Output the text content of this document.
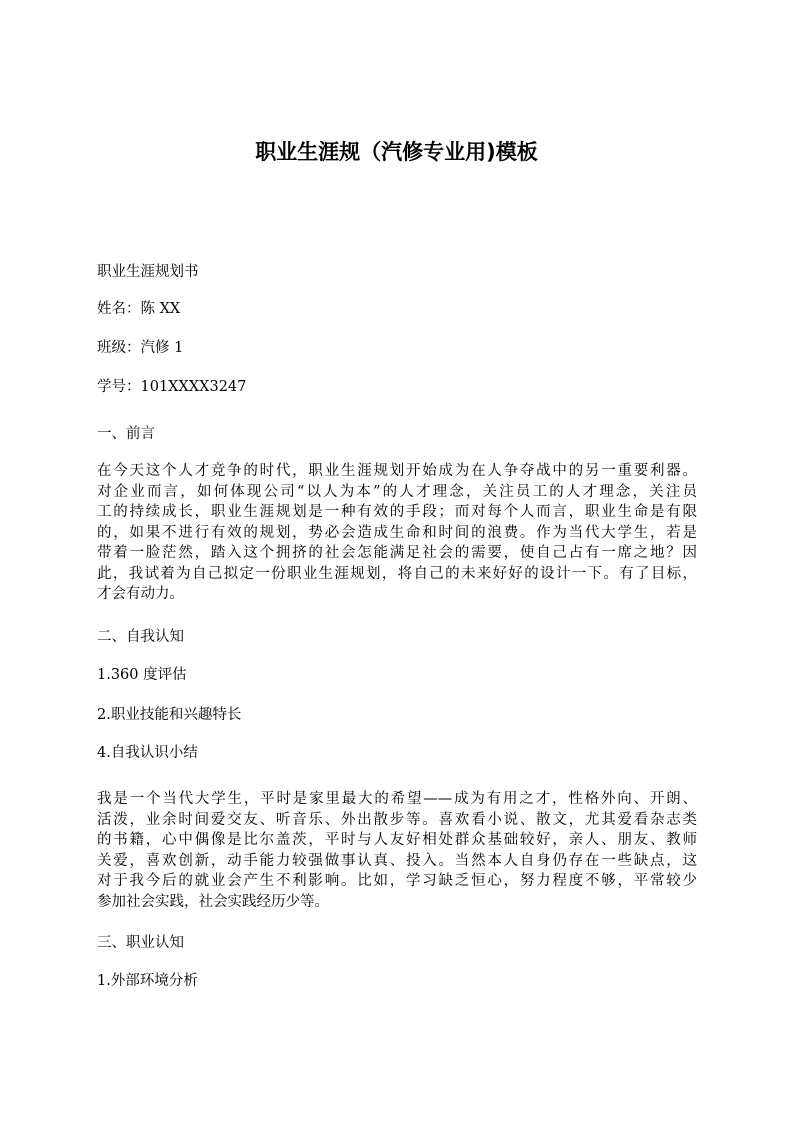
职业生涯规（汽修专业用)模板

职业生涯规划书

姓名：陈 XX

班级：汽修 1

学号：101XXXX3247

一、前言

在今天这个人才竞争的时代，职业生涯规划开始成为在人争夺战中的另一重要利器。
对企业而言，如何体现公司“以人为本”的人才理念，关注员工的人才理念，关注员
工的持续成长，职业生涯规划是一种有效的手段；而对每个人而言，职业生命是有限
的，如果不进行有效的规划，势必会造成生命和时间的浪费。作为当代大学生，若是
带着一脸茫然，踏入这个拥挤的社会怎能满足社会的需要，使自己占有一席之地？因
此，我试着为自己拟定一份职业生涯规划，将自己的未来好好的设计一下。有了目标，
才会有动力。

二、自我认知

1.360 度评估

2.职业技能和兴趣特长

4.自我认识小结

我是一个当代大学生，平时是家里最大的希望——成为有用之才，性格外向、开朗、
活泼，业余时间爱交友、听音乐、外出散步等。喜欢看小说、散文，尤其爱看杂志类
的书籍，心中偶像是比尔盖茨，平时与人友好相处群众基础较好，亲人、朋友、教师
关爱，喜欢创新，动手能力较强做事认真、投入。当然本人自身仍存在一些缺点，这
对于我今后的就业会产生不利影响。比如，学习缺乏恒心，努力程度不够，平常较少
参加社会实践，社会实践经历少等。

三、职业认知

1.外部环境分析
